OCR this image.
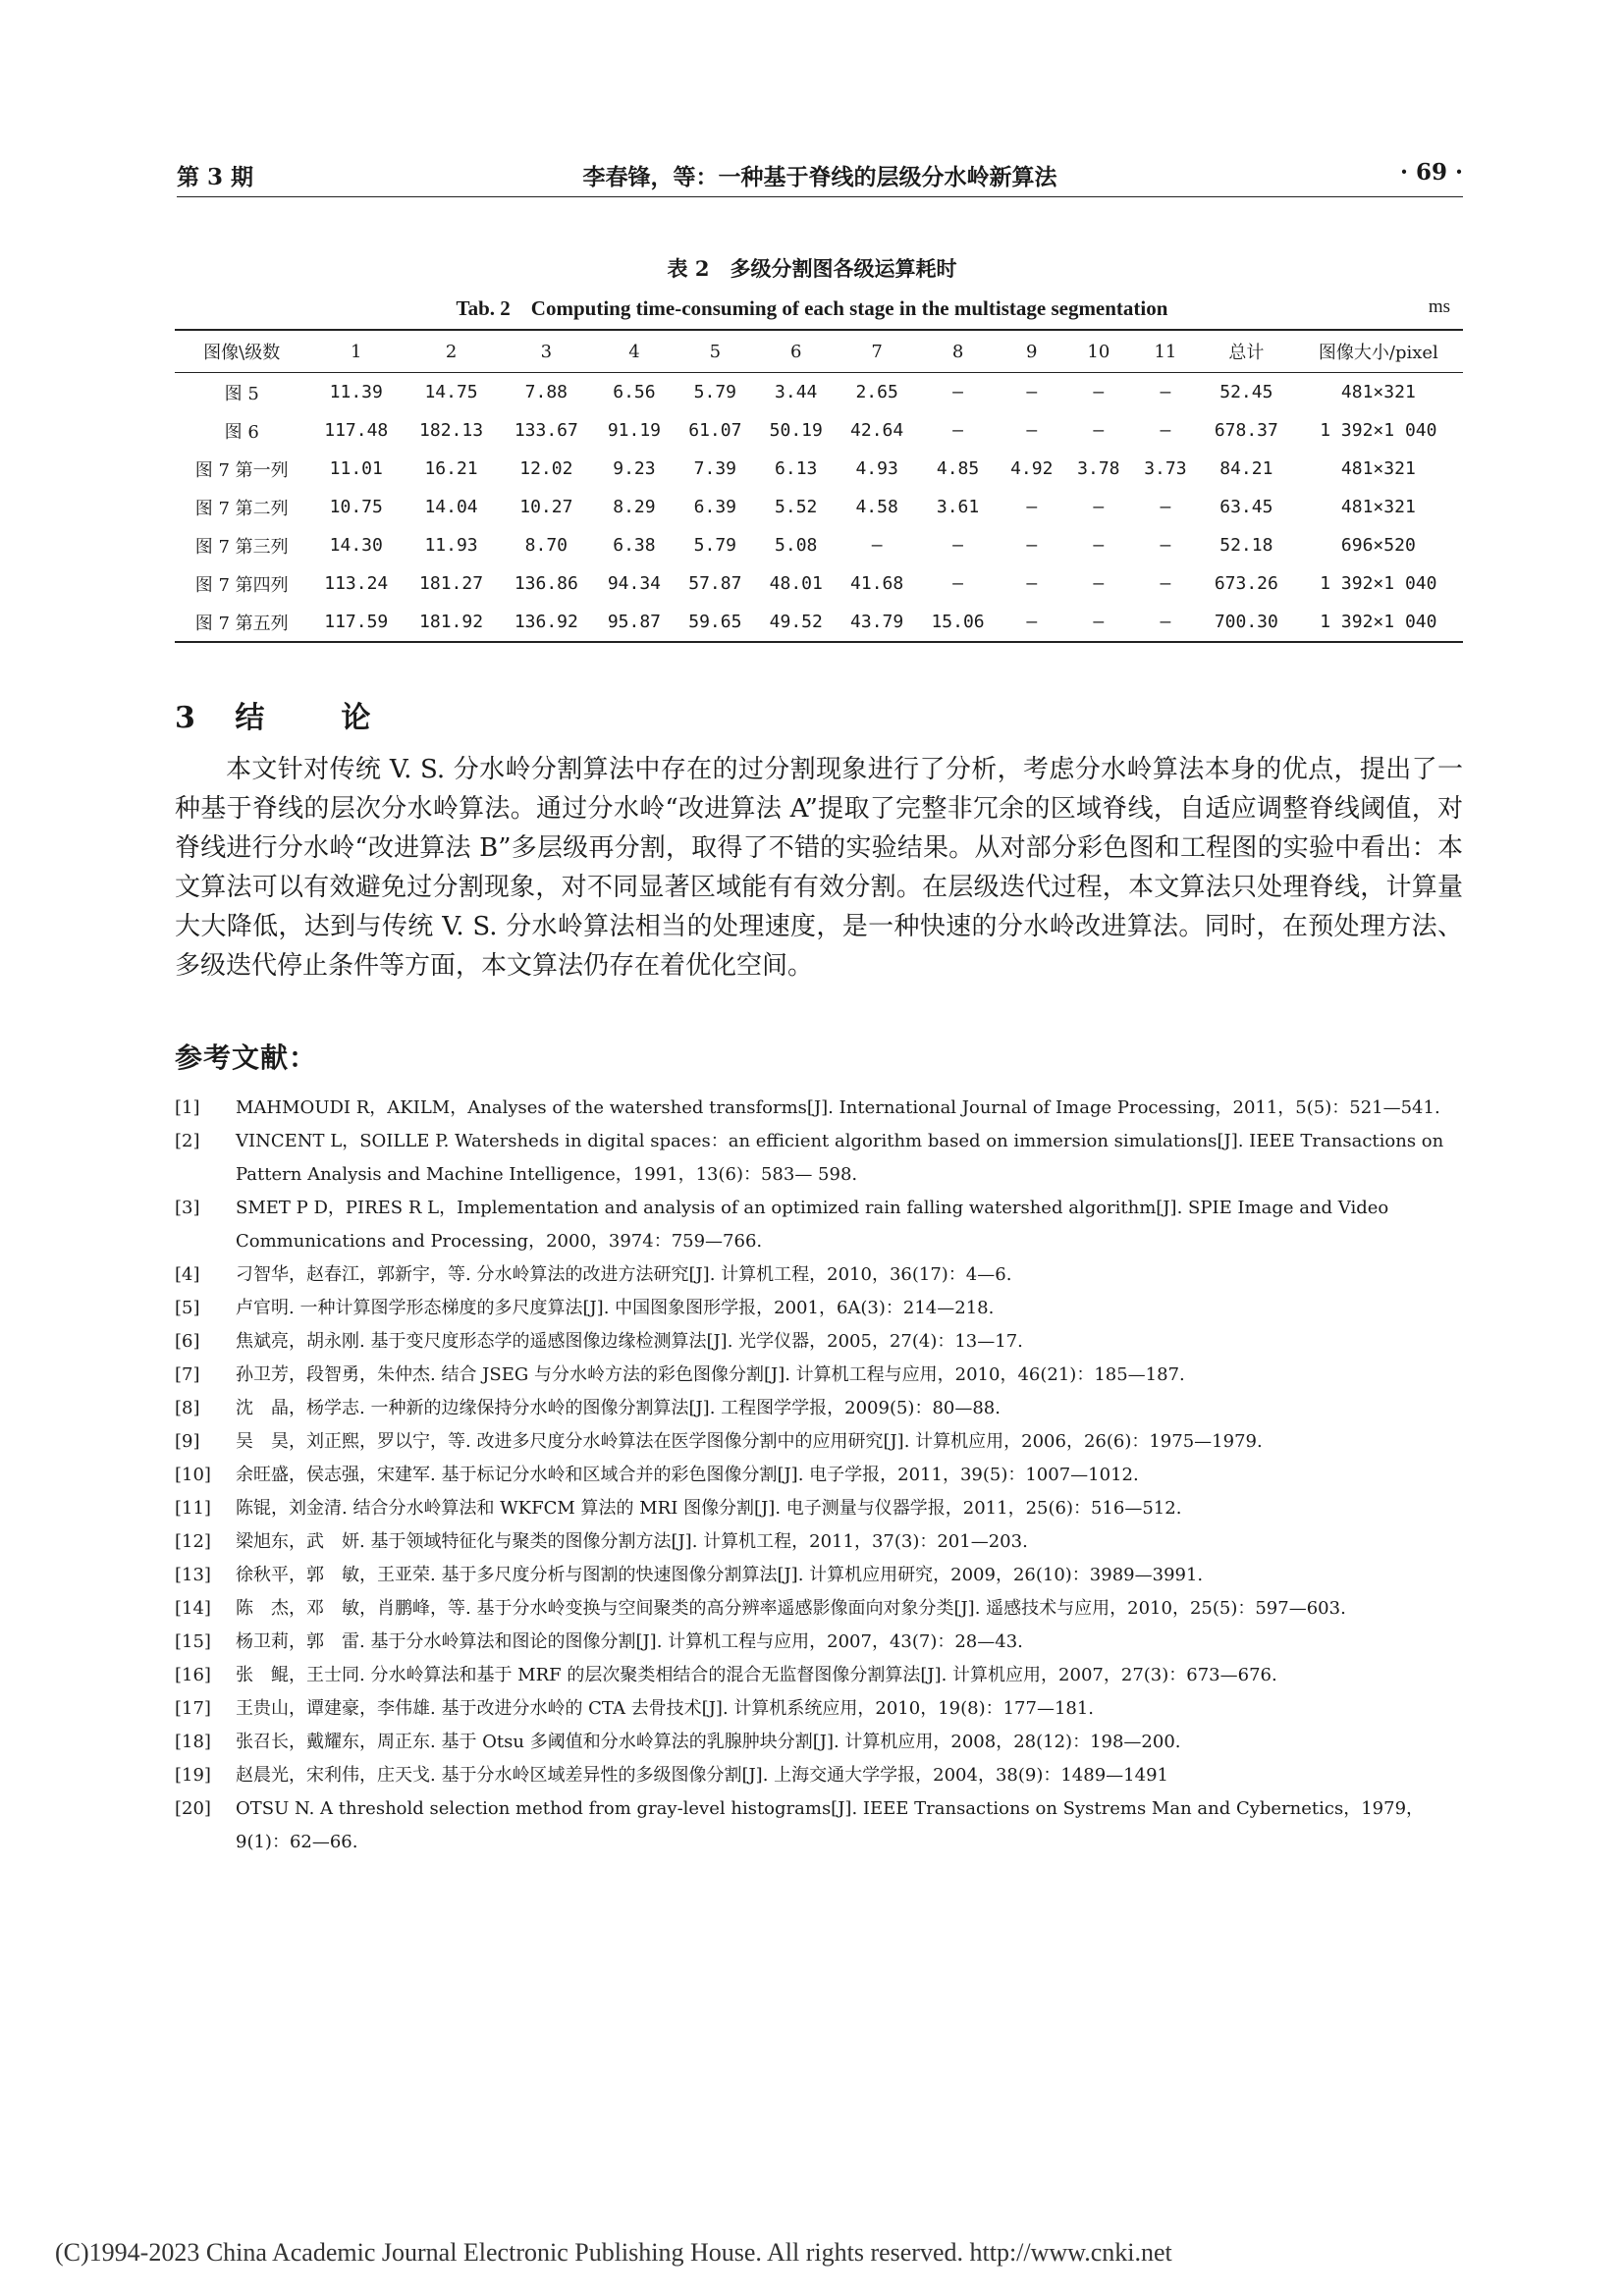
第 3 期	李春锋，等：一种基于脊线的层级分水岭新算法	· 69 ·
表 2　多级分割图各级运算耗时
Tab. 2　Computing time-consuming of each stage in the multistage segmentation	ms
图像\级数	1	2	3	4	5	6	7	8	9	10	11	总计	图像大小/pixel
图 5	11.39	14.75	7.88	6.56	5.79	3.44	2.65	—	—	—	—	52.45	481×321
图 6	117.48	182.13	133.67	91.19	61.07	50.19	42.64	—	—	—	—	678.37	1 392×1 040
图 7 第一列	11.01	16.21	12.02	9.23	7.39	6.13	4.93	4.85	4.92	3.78	3.73	84.21	481×321
图 7 第二列	10.75	14.04	10.27	8.29	6.39	5.52	4.58	3.61	—	—	—	63.45	481×321
图 7 第三列	14.30	11.93	8.70	6.38	5.79	5.08	—	—	—	—	—	52.18	696×520
图 7 第四列	113.24	181.27	136.86	94.34	57.87	48.01	41.68	—	—	—	—	673.26	1 392×1 040
图 7 第五列	117.59	181.92	136.92	95.87	59.65	49.52	43.79	15.06	—	—	—	700.30	1 392×1 040
3 结　论

本文针对传统 V. S. 分水岭分割算法中存在的过分割现象进行了分析，考虑分水岭算法本身的优点，提出了一种基于脊线的层次分水岭算法。通过分水岭“改进算法 A”提取了完整非冗余的区域脊线，自适应调整脊线阈值，对脊线进行分水岭“改进算法 B”多层级再分割，取得了不错的实验结果。从对部分彩色图和工程图的实验中看出：本文算法可以有效避免过分割现象，对不同显著区域能有有效分割。在层级迭代过程，本文算法只处理脊线，计算量大大降低，达到与传统 V. S. 分水岭算法相当的处理速度，是一种快速的分水岭改进算法。同时，在预处理方法、多级迭代停止条件等方面，本文算法仍存在着优化空间。

参考文献：

[1] MAHMOUDI R，AKILM，Analyses of the watershed transforms[J]. International Journal of Image Processing，2011，5(5)：521—541.

[2] VINCENT L，SOILLE P. Watersheds in digital spaces：an efficient algorithm based on immersion simulations[J]. IEEE Transactions on Pattern Analysis and Machine Intelligence，1991，13(6)：583— 598.

[3] SMET P D，PIRES R L，Implementation and analysis of an optimized rain falling watershed algorithm[J]. SPIE Image and Video Communications and Processing，2000，3974：759—766.

[4] 刁智华，赵春江，郭新宇，等. 分水岭算法的改进方法研究[J]. 计算机工程，2010，36(17)：4—6.

[5] 卢官明. 一种计算图学形态梯度的多尺度算法[J]. 中国图象图形学报，2001，6A(3)：214—218.

[6] 焦斌亮，胡永刚. 基于变尺度形态学的遥感图像边缘检测算法[J]. 光学仪器，2005，27(4)：13—17.

[7] 孙卫芳，段智勇，朱仲杰. 结合 JSEG 与分水岭方法的彩色图像分割[J]. 计算机工程与应用，2010，46(21)：185—187.

[8] 沈　晶，杨学志. 一种新的边缘保持分水岭的图像分割算法[J]. 工程图学学报，2009(5)：80—88.

[9] 吴　昊，刘正熙，罗以宁，等. 改进多尺度分水岭算法在医学图像分割中的应用研究[J]. 计算机应用，2006，26(6)：1975—1979.

[10] 余旺盛，侯志强，宋建军. 基于标记分水岭和区域合并的彩色图像分割[J]. 电子学报，2011，39(5)：1007—1012.

[11] 陈锟，刘金清. 结合分水岭算法和 WKFCM 算法的 MRI 图像分割[J]. 电子测量与仪器学报，2011，25(6)：516—512.

[12] 梁旭东，武　妍. 基于领域特征化与聚类的图像分割方法[J]. 计算机工程，2011，37(3)：201—203.

[13] 徐秋平，郭　敏，王亚荣. 基于多尺度分析与图割的快速图像分割算法[J]. 计算机应用研究，2009，26(10)：3989—3991.

[14] 陈　杰，邓　敏，肖鹏峰，等. 基于分水岭变换与空间聚类的高分辨率遥感影像面向对象分类[J]. 遥感技术与应用，2010，25(5)：597—603.

[15] 杨卫莉，郭　雷. 基于分水岭算法和图论的图像分割[J]. 计算机工程与应用，2007，43(7)：28—43.

[16] 张　鲲，王士同. 分水岭算法和基于 MRF 的层次聚类相结合的混合无监督图像分割算法[J]. 计算机应用，2007，27(3)：673—676.

[17] 王贵山，谭建豪，李伟雄. 基于改进分水岭的 CTA 去骨技术[J]. 计算机系统应用，2010，19(8)：177—181.

[18] 张召长，戴耀东，周正东. 基于 Otsu 多阈值和分水岭算法的乳腺肿块分割[J]. 计算机应用，2008，28(12)：198—200.

[19] 赵晨光，宋利伟，庄天戈. 基于分水岭区域差异性的多级图像分割[J]. 上海交通大学学报，2004，38(9)：1489—1491

[20] OTSU N. A threshold selection method from gray-level histograms[J]. IEEE Transactions on Systrems Man and Cybernetics，1979，9(1)：62—66.

(C)1994-2023 China Academic Journal Electronic Publishing House. All rights reserved. http://www.cnki.net
